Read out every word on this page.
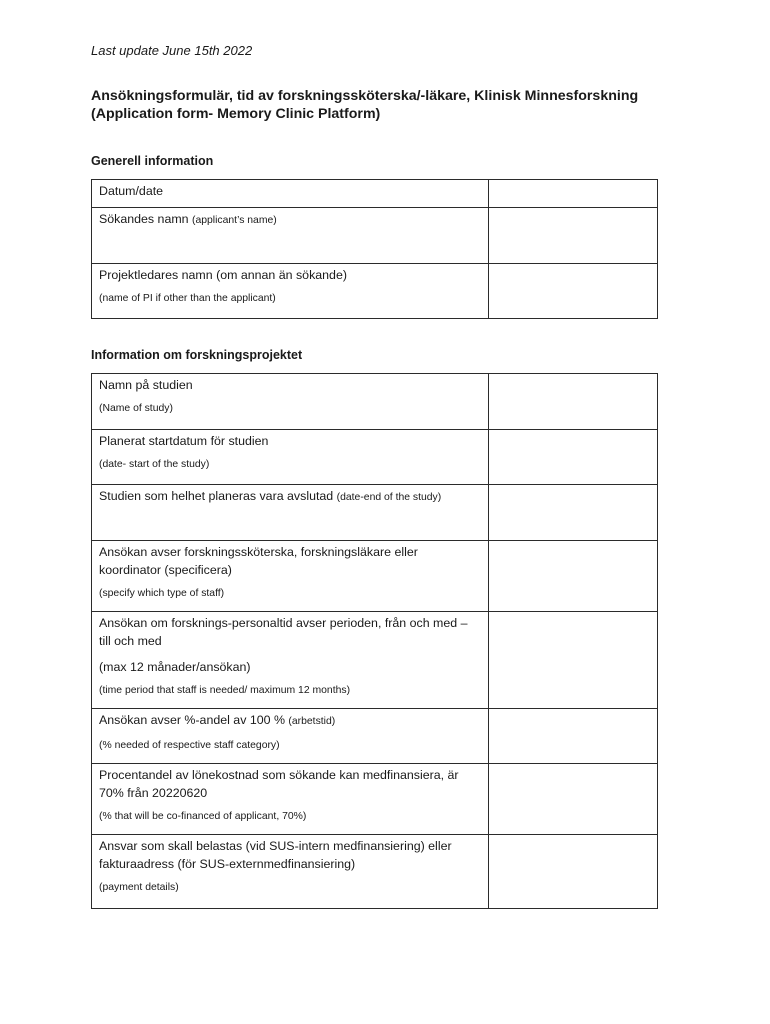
Last update June 15th 2022
Ansökningsformulär, tid av forskningssköterska/-läkare, Klinisk Minnesforskning
(Application form- Memory Clinic Platform)
Generell information
Datum/date	

Sökandes namn (applicant’s name)	

Projektledares namn (om annan än sökande)
(name of PI if other than the applicant)	

Information om forskningsprojektet
Namn på studien
(Name of study)	

Planerat startdatum för studien
(date- start of the study)	

Studien som helhet planeras vara avslutad (date-end of the study)	

Ansökan avser forskningssköterska, forskningsläkare eller koordinator (specificera)
(specify which type of staff)	

Ansökan om forsknings-personaltid avser perioden, från och med – till och med
(max 12 månader/ansökan)
(time period that staff is needed/ maximum 12 months)	

Ansökan avser %-andel av 100 % (arbetstid)
(% needed of respective staff category)	

Procentandel av lönekostnad som sökande kan medfinansiera, är 70% från 20220620
(% that will be co-financed of applicant, 70%)	

Ansvar som skall belastas (vid SUS-intern medfinansiering) eller fakturaadress (för SUS-externmedfinansiering)
(payment details)	
